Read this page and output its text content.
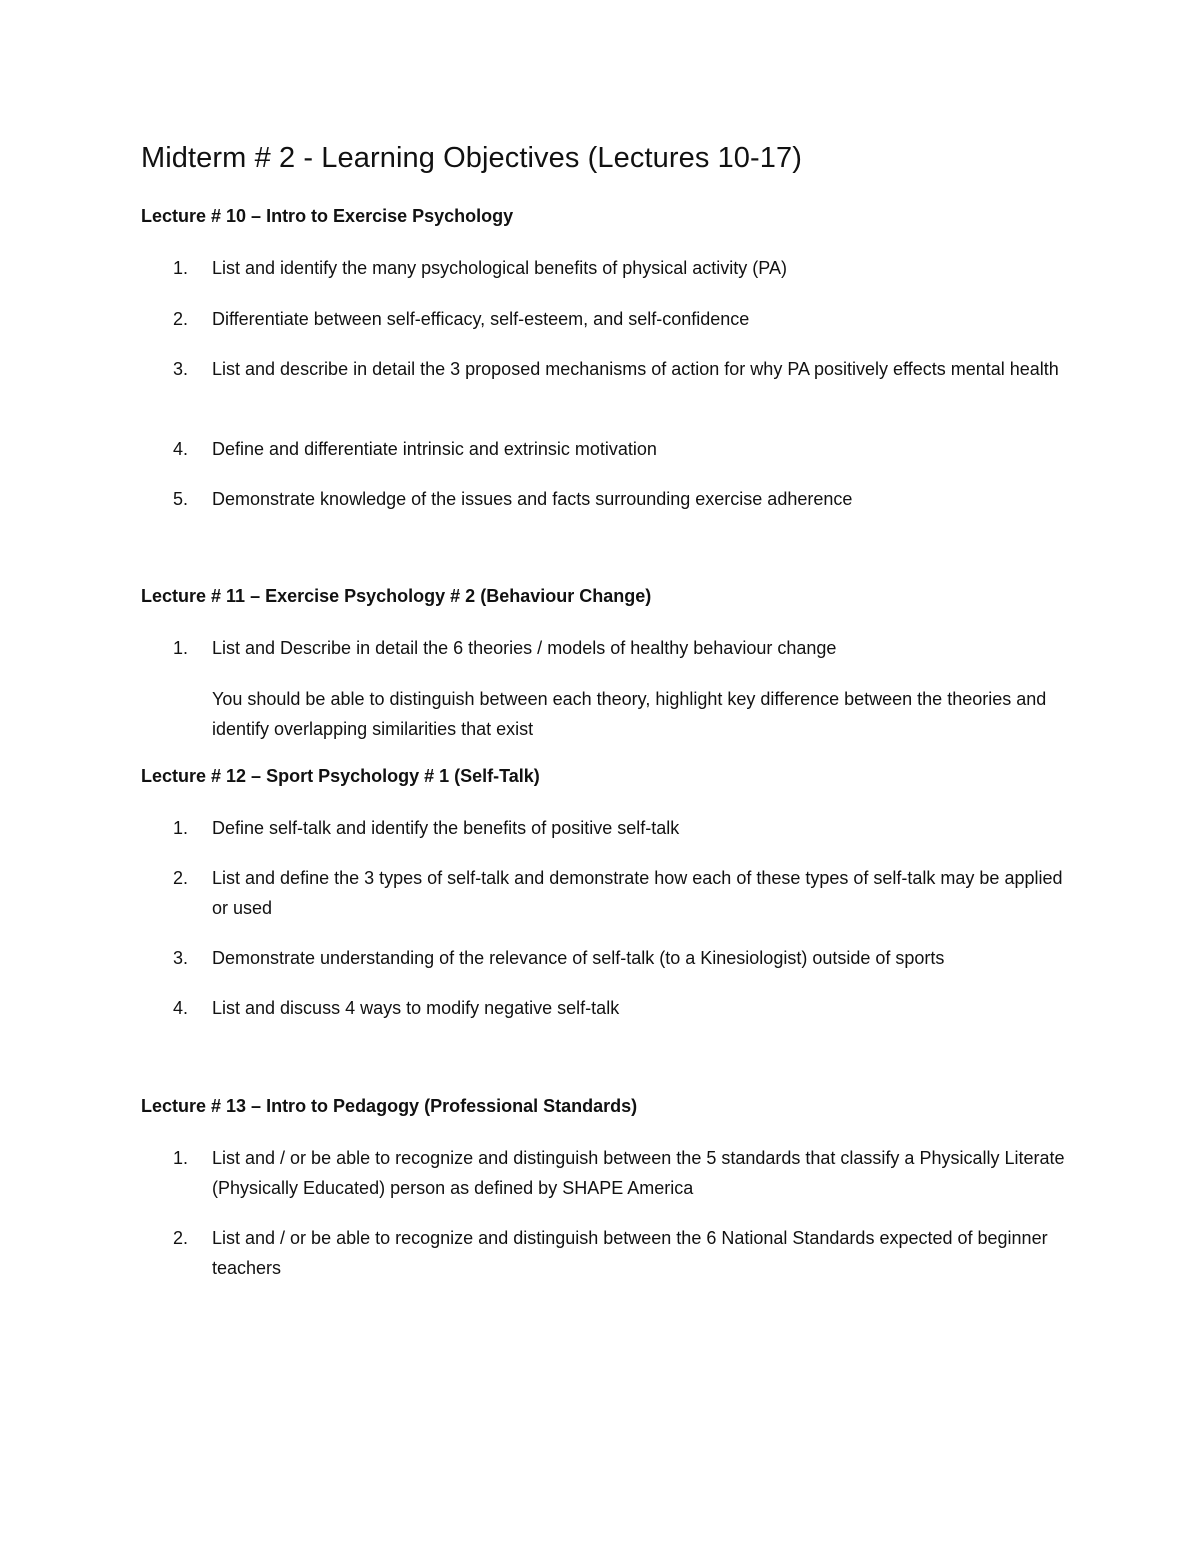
Midterm # 2 - Learning Objectives (Lectures 10-17)
Lecture # 10 – Intro to Exercise Psychology
1.	List and identify the many psychological benefits of physical activity (PA)
2.	Differentiate between self-efficacy, self-esteem, and self-confidence
3.	List and describe in detail the 3 proposed mechanisms of action for why PA positively effects mental health
4.	Define and differentiate intrinsic and extrinsic motivation
5.	Demonstrate knowledge of the issues and facts surrounding exercise adherence
Lecture # 11 – Exercise Psychology # 2 (Behaviour Change)
1.	List and Describe in detail the 6 theories / models of healthy behaviour change
You should be able to distinguish between each theory, highlight key difference between the theories and identify overlapping similarities that exist
Lecture # 12 – Sport Psychology # 1 (Self-Talk)
1.	Define self-talk and identify the benefits of positive self-talk
2.	List and define the 3 types of self-talk and demonstrate how each of these types of self-talk may be applied or used
3.	Demonstrate understanding of the relevance of self-talk (to a Kinesiologist) outside of sports
4.	List and discuss 4 ways to modify negative self-talk
Lecture # 13 – Intro to Pedagogy (Professional Standards)
1.	List and / or be able to recognize and distinguish between the 5 standards that classify a Physically Literate (Physically Educated) person as defined by SHAPE America
2.	List and / or be able to recognize and distinguish between the 6 National Standards expected of beginner teachers
